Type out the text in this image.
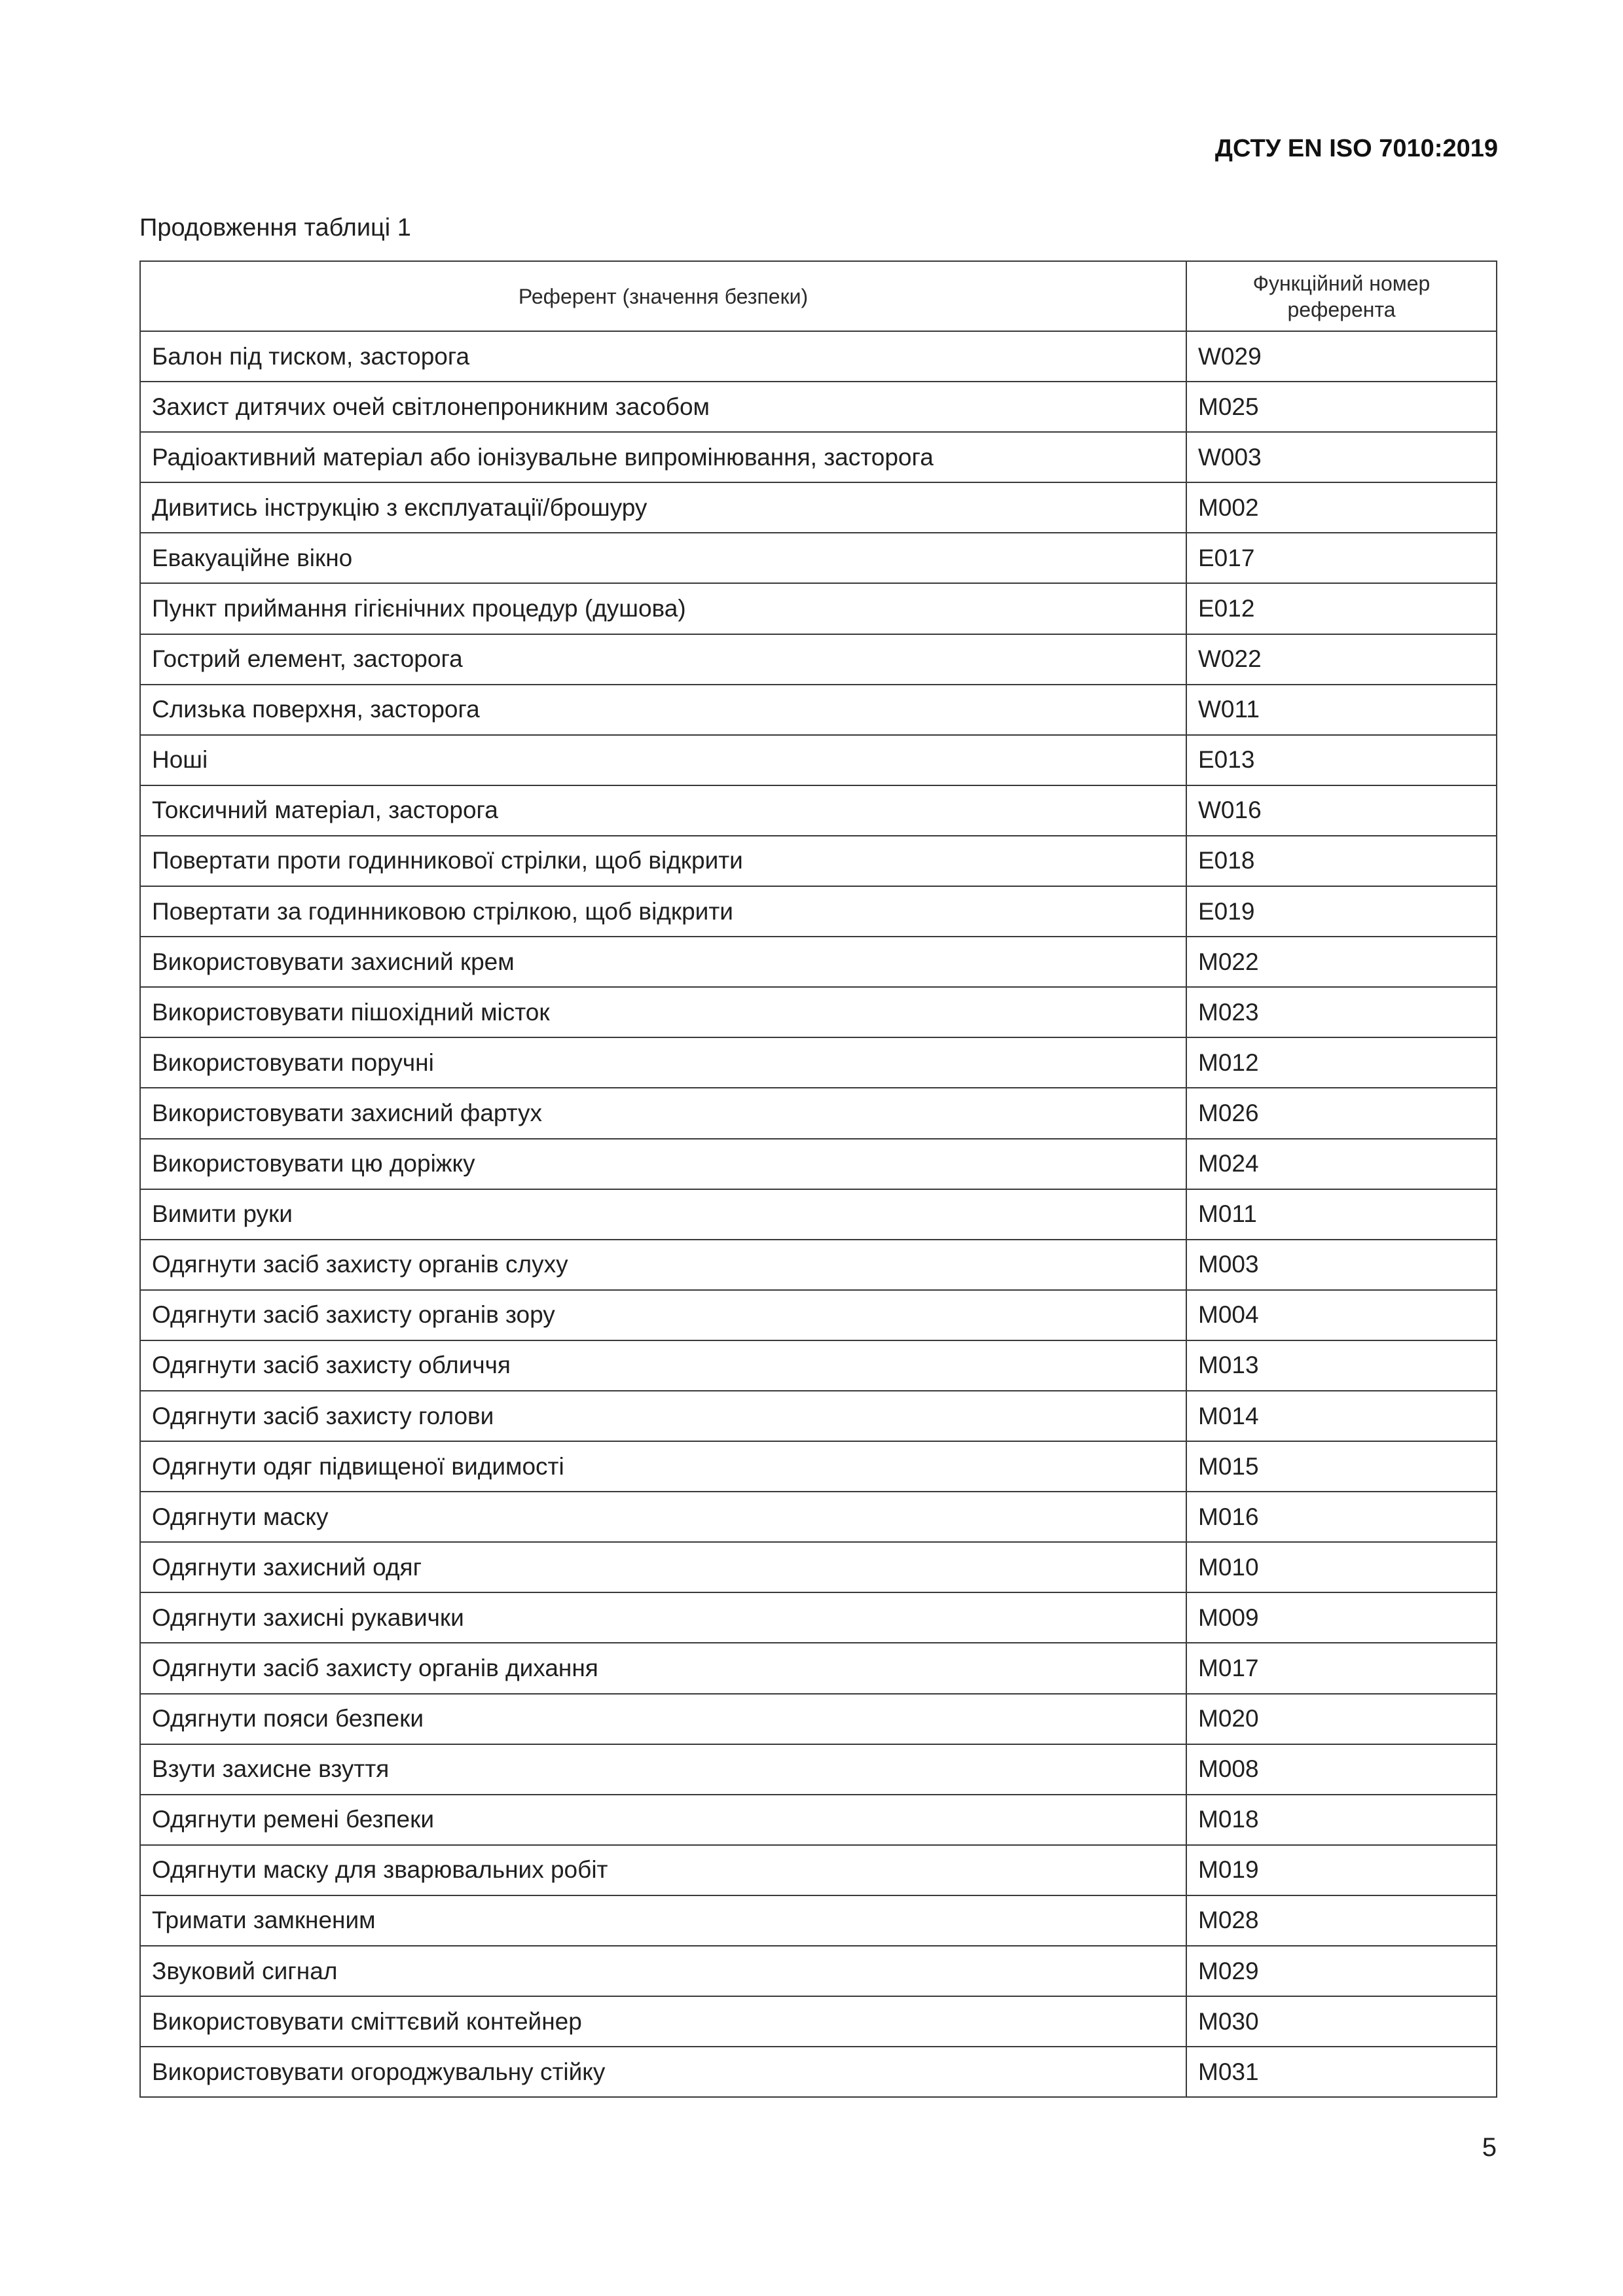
ДСТУ EN ISO 7010:2019
Продовження таблиці 1
Референт (значення безпеки)
Функційний номер
референта
Балон під тиском, засторога	W029
Захист дитячих очей світлонепроникним засобом	M025
Радіоактивний матеріал або іонізувальне випромінювання, засторога	W003
Дивитись інструкцію з експлуатації/брошуру	M002
Евакуаційне вікно	E017
Пункт приймання гігієнічних процедур (душова)	E012
Гострий елемент, засторога	W022
Слизька поверхня, засторога	W011
Ноші	E013
Токсичний матеріал, засторога	W016
Повертати проти годинникової стрілки, щоб відкрити	E018
Повертати за годинниковою стрілкою, щоб відкрити	E019
Використовувати захисний крем	M022
Використовувати пішохідний місток	M023
Використовувати поручні	M012
Використовувати захисний фартух	M026
Використовувати цю доріжку	M024
Вимити руки	M011
Одягнути засіб захисту органів слуху	M003
Одягнути засіб захисту органів зору	M004
Одягнути засіб захисту обличчя	M013
Одягнути засіб захисту голови	M014
Одягнути одяг підвищеної видимості	M015
Одягнути маску	M016
Одягнути захисний одяг	M010
Одягнути захисні рукавички	M009
Одягнути засіб захисту органів дихання	M017
Одягнути пояси безпеки	M020
Взути захисне взуття	M008
Одягнути ремені безпеки	M018
Одягнути маску для зварювальних робіт	M019
Тримати замкненим	M028
Звуковий сигнал	M029
Використовувати сміттєвий контейнер	M030
Використовувати огороджувальну стійку	M031
5
